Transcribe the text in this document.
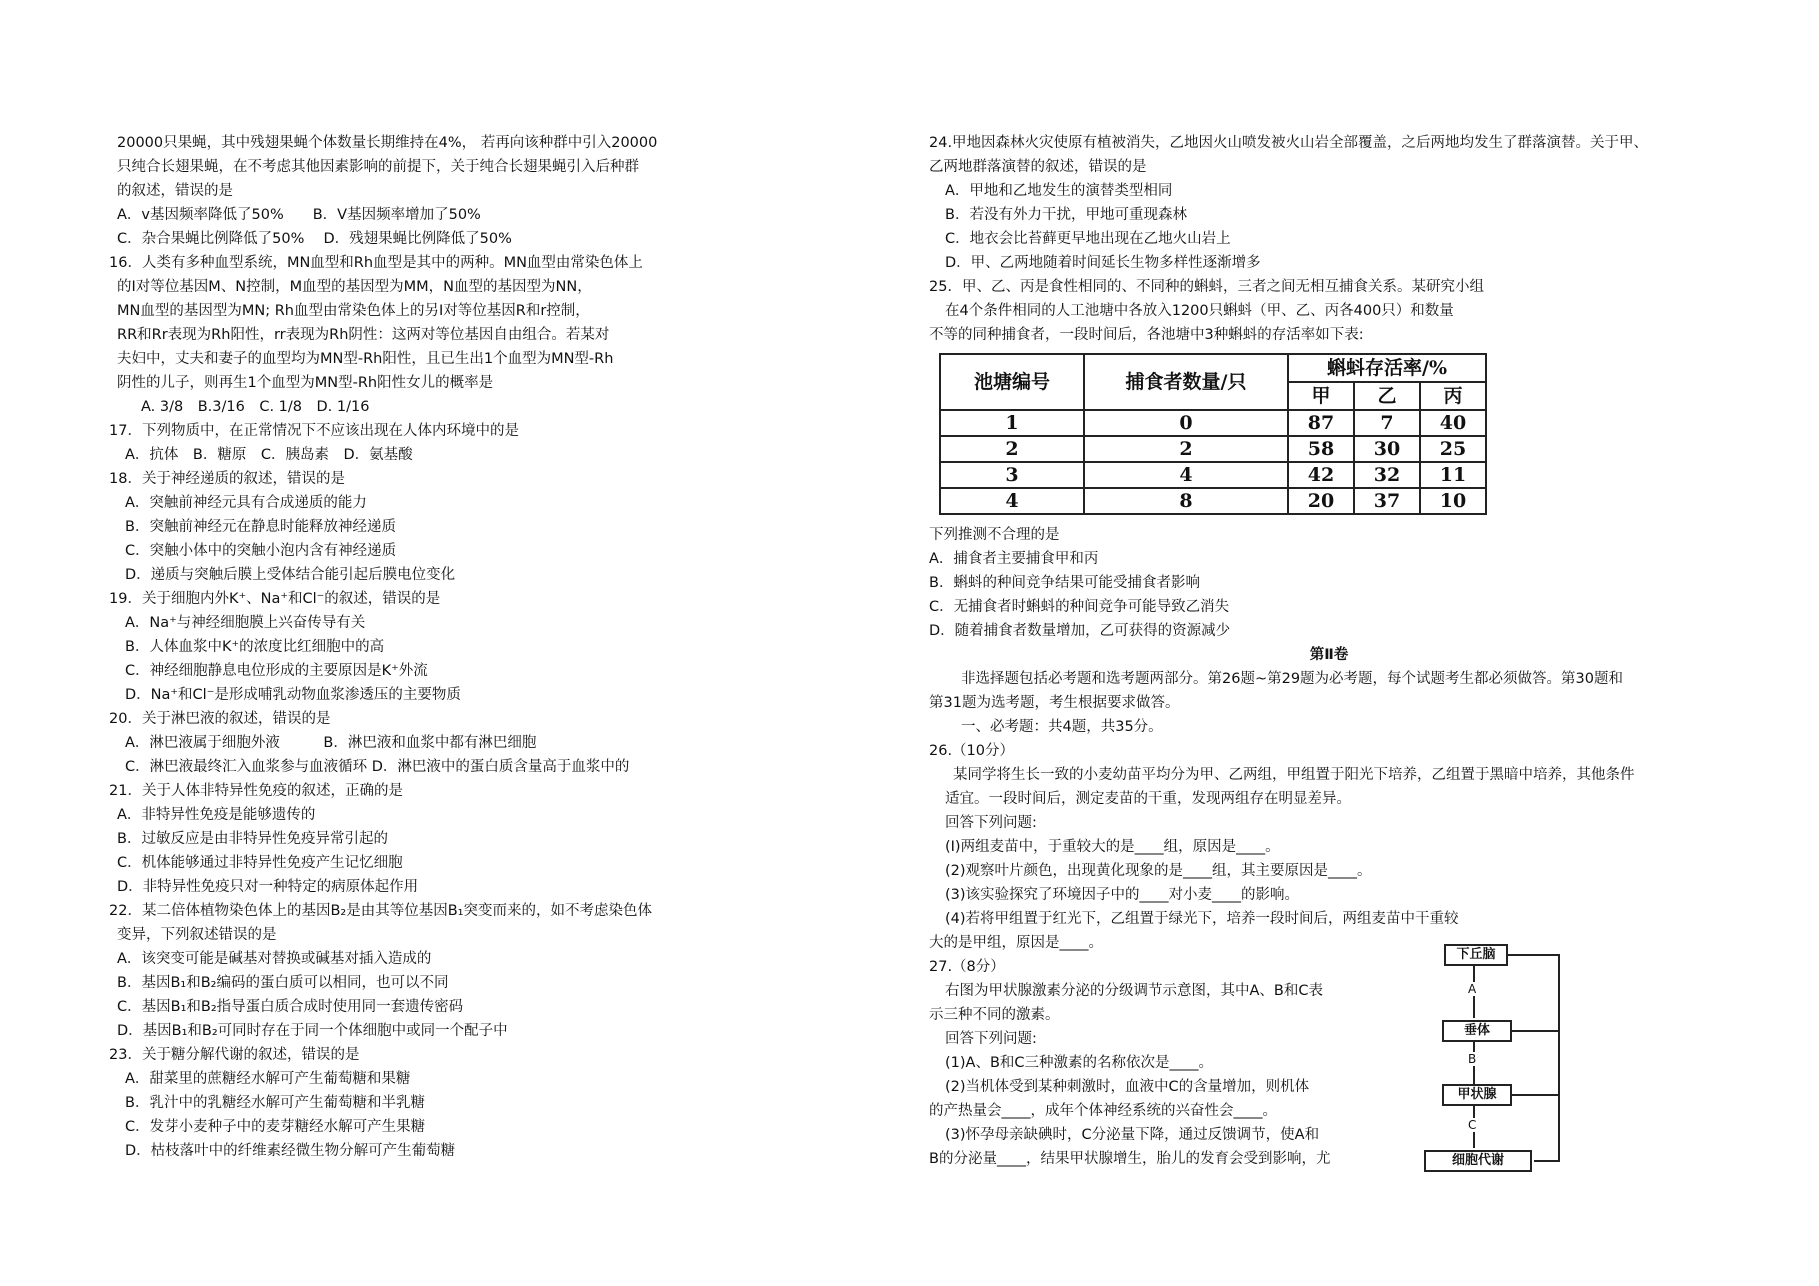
20000只果蝇，其中残翅果蝇个体数量长期维持在4%， 若再向该种群中引入20000
只纯合长翅果蝇，在不考虑其他因素影响的前提下，关于纯合长翅果蝇引入后种群
的叙述，错误的是
A．v基因频率降低了50%　　B．V基因频率增加了50%
C．杂合果蝇比例降低了50%　 D．残翅果蝇比例降低了50%
16．人类有多种血型系统，MN血型和Rh血型是其中的两种。MN血型由常染色体上
的Ⅰ对等位基因M、N控制，M血型的基因型为MM，N血型的基因型为NN，
MN血型的基因型为MN; Rh血型由常染色体上的另Ⅰ对等位基因R和r控制，
RR和Rr表现为Rh阳性，rr表现为Rh阴性：这两对等位基因自由组合。若某对
夫妇中，丈夫和妻子的血型均为MN型-Rh阳性，且已生出1个血型为MN型-Rh
阴性的儿子，则再生1个血型为MN型-Rh阳性女儿的概率是
A. 3/8　B.3/16　C. 1/8　D. 1/16
17．下列物质中，在正常情况下不应该出现在人体内环境中的是
A．抗体　B．糖原　C．胰岛素　D．氨基酸
18．关于神经递质的叙述，错误的是
A．突触前神经元具有合成递质的能力
B．突触前神经元在静息时能释放神经递质
C．突触小体中的突触小泡内含有神经递质
D．递质与突触后膜上受体结合能引起后膜电位变化
19．关于细胞内外K⁺、Na⁺和Cl⁻的叙述，错误的是
A．Na⁺与神经细胞膜上兴奋传导有关
B．人体血浆中K⁺的浓度比红细胞中的高
C．神经细胞静息电位形成的主要原因是K⁺外流
D．Na⁺和Cl⁻是形成哺乳动物血浆渗透压的主要物质
20．关于淋巴液的叙述，错误的是
A．淋巴液属于细胞外液　　　B．淋巴液和血浆中都有淋巴细胞
C．淋巴液最终汇入血浆参与血液循环 D．淋巴液中的蛋白质含量高于血浆中的
21．关于人体非特异性免疫的叙述，正确的是
A．非特异性免疫是能够遗传的
B．过敏反应是由非特异性免疫异常引起的
C．机体能够通过非特异性免疫产生记忆细胞
D．非特异性免疫只对一种特定的病原体起作用
22．某二倍体植物染色体上的基因B₂是由其等位基因B₁突变而来的，如不考虑染色体
变异，下列叙述错误的是
A．该突变可能是碱基对替换或碱基对插入造成的
B．基因B₁和B₂编码的蛋白质可以相同，也可以不同
C．基因B₁和B₂指导蛋白质合成时使用同一套遗传密码
D．基因B₁和B₂可同时存在于同一个体细胞中或同一个配子中
23．关于糖分解代谢的叙述，错误的是
A．甜菜里的蔗糖经水解可产生葡萄糖和果糖
B．乳汁中的乳糖经水解可产生葡萄糖和半乳糖
C．发芽小麦种子中的麦芽糖经水解可产生果糖
D．枯枝落叶中的纤维素经微生物分解可产生葡萄糖
24.甲地因森林火灾使原有植被消失，乙地因火山喷发被火山岩全部覆盖，之后两地均发生了群落演替。关于甲、
乙两地群落演替的叙述，错误的是
A．甲地和乙地发生的演替类型相同
B．若没有外力干扰，甲地可重现森林
C．地衣会比苔藓更早地出现在乙地火山岩上
D．甲、乙两地随着时间延长生物多样性逐渐增多
25．甲、乙、丙是食性相同的、不同种的蝌蚪，三者之间无相互捕食关系。某研究小组
在4个条件相同的人工池塘中各放入1200只蝌蚪（甲、乙、丙各400只）和数量
不等的同种捕食者，一段时间后，各池塘中3种蝌蚪的存活率如下表:
池塘编号	捕食者数量/只	蝌蚪存活率/%		
		甲	乙	丙
1	0	87	7	40
2	2	58	30	25
3	4	42	32	11
4	8	20	37	10
下列推测不合理的是
A．捕食者主要捕食甲和丙
B．蝌蚪的种间竞争结果可能受捕食者影响
C．无捕食者时蝌蚪的种间竞争可能导致乙消失
D．随着捕食者数量增加，乙可获得的资源减少
第Ⅱ卷
非选择题包括必考题和选考题两部分。第26题~第29题为必考题，每个试题考生都必须做答。第30题和
第31题为选考题，考生根据要求做答。
一、必考题：共4题，共35分。
26.（10分）
某同学将生长一致的小麦幼苗平均分为甲、乙两组，甲组置于阳光下培养，乙组置于黑暗中培养，其他条件
适宜。一段时间后，测定麦苗的干重，发现两组存在明显差异。
回答下列问题:
(I)两组麦苗中，于重较大的是____组，原因是____。
(2)观察叶片颜色，出现黄化现象的是____组，其主要原因是____。
(3)该实验探究了环境因子中的____对小麦____的影响。
(4)若将甲组置于红光下，乙组置于绿光下，培养一段时间后，两组麦苗中干重较
大的是甲组，原因是____。
27.（8分）
右图为甲状腺激素分泌的分级调节示意图，其中A、B和C表
示三种不同的激素。
回答下列问题:
(1)A、B和C三种激素的名称依次是____。
(2)当机体受到某种刺激时，血液中C的含量增加，则机体
的产热量会____，成年个体神经系统的兴奋性会____。
(3)怀孕母亲缺碘时，C分泌量下降，通过反馈调节，使A和
B的分泌量____，结果甲状腺增生，胎儿的发育会受到影响，尤
下丘脑
A
垂体
B
甲状腺
C
细胞代谢
